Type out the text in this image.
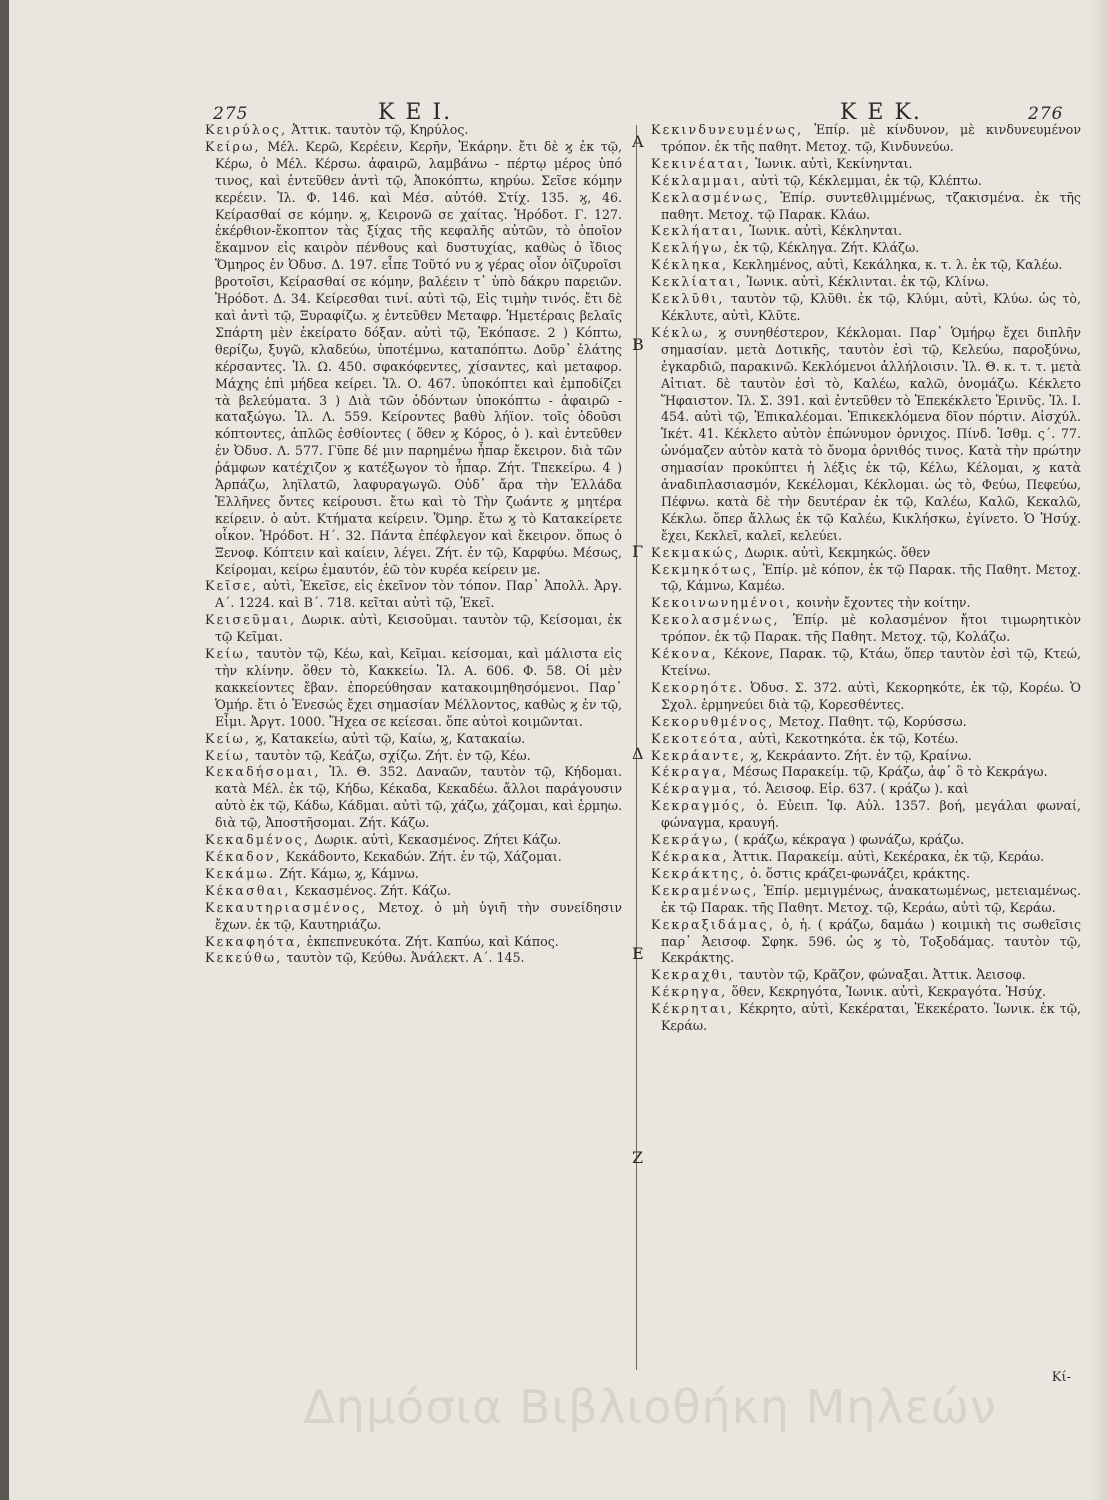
275	K E I.	K E K.	276

Κειρύλος, Ἀττικ. ταυτὸν τῷ, Κηρύλος.

Κείρω, Μέλ. Κερῶ, Κερέειν, Κερῆν, Ἐκάρην. ἔτι δὲ ϗ ἐκ τῷ, Κέρω, ὁ Μέλ. Κέρσω. ἀφαιρῶ, λαμβάνω - πέρτῳ μέρος ὑπό τινος, καὶ ἐντεῦθεν ἀντὶ τῷ, Ἀποκόπτω, κηρύω. Σεῖσε κόμην κερέειν. Ἰλ. Φ. 146. καὶ Μέσ. αὐτόθ. Στίχ. 135. ϗ, 46. Κείρασθαί σε κόμην. ϗ, Κειρονῶ σε χαίτας. Ἡρόδοτ. Γ. 127. ἐκέρθιον-ἔκοπτον τὰς ξίχας τῆς κεφαλῆς αὐτῶν, τὸ ὁποῖον ἔκαμνον εἰς καιρὸν πένθους καὶ δυστυχίας, καθὼς ὁ ἴδιος Ὅμηρος ἐν Ὀδυσ. Δ. 197. εἶπε Τοῦτό νυ ϗ γέρας οἷον ὀϊζυροῖσι βροτοῖσι, Κείρασθαί σε κόμην, βαλέειν τ᾿ ὑπὸ δάκρυ παρειῶν. Ἡρόδοτ. Δ. 34. Κείρεσθαι τινί. αὐτὶ τῷ, Εἰς τιμὴν τινός. ἔτι δὲ καὶ ἀντὶ τῷ, Ξυραφίζω. ϗ ἐντεῦθεν Μεταφρ. Ἡμετέραις βελαῖς Σπάρτη μὲν ἐκείρατο δόξαν. αὐτὶ τῷ, Ἐκόπασε. 2 ) Κόπτω, θερίζω, ξυγῶ, κλαδεύω, ὑποτέμνω, καταπόπτω. Δοῦρ᾿ ἐλάτης κέρσαντες. Ἰλ. Ω. 450. σφακόφεντες, χίσαντες, καὶ μεταφορ. Μάχης ἐπὶ μήδεα κείρει. Ἰλ. Ο. 467. ὑποκόπτει καὶ ἐμποδίζει τὰ βελεύματα. 3 ) Διὰ τῶν ὀδόντων ὑποκόπτω - ἀφαιρῶ - καταξώγω. Ἰλ. Λ. 559. Κείροντες βαθὺ λήϊον. τοῖς ὀδοῦσι κόπτοντες, ἁπλῶς ἐσθίοντες ( ὅθεν ϗ Κόρος, ὁ ). καὶ ἐντεῦθεν ἐν Ὀδυσ. Λ. 577. Γῦπε δέ μιν παρημένω ἧπαρ ἔκειρον. διὰ τῶν ῥάμφων κατέχιζον ϗ κατέξωγον τὸ ἧπαρ. Ζήτ. Τπεκείρω. 4 ) Ἁρπάζω, ληϊλατῶ, λαφυραγωγῶ. Οὐδ᾿ ἄρα τὴν Ἑλλάδα Ἑλλῆνες ὄντες κείρουσι. ἔτω καὶ τὸ Τὴν ζωάντε ϗ μητέρα κείρειν. ὁ αὐτ. Κτήματα κείρειν. Ὅμηρ. ἔτω ϗ τὸ Κατακείρετε οἶκον. Ἡρόδοτ. Η΄. 32. Πάντα ἐπέφλεγον καὶ ἔκειρον. ὅπως ὁ Ξενοφ. Κόπτειν καὶ καίειν, λέγει. Ζήτ. ἐν τῷ, Καρφύω. Μέσως, Κείρομαι, κείρω ἐμαυτόν, ἐῶ τὸν κυρέα κείρειν με.

Κεῖσε, αὐτὶ, Ἐκεῖσε, εἰς ἐκεῖνον τὸν τόπον. Παρ᾿ Ἀπολλ. Ἀργ. Α΄. 1224. καὶ Β΄. 718. κεῖται αὐτὶ τῷ, Ἐκεῖ.

Κεισεῦμαι, Δωρικ. αὐτὶ, Κεισοῦμαι. ταυτὸν τῷ, Κείσομαι, ἐκ τῷ Κεῖμαι.

Κείω, ταυτὸν τῷ, Κέω, καὶ, Κεῖμαι. κείσομαι, καὶ μάλιστα εἰς τὴν κλίνην. ὅθεν τὸ, Κακκείω. Ἰλ. Α. 606. Φ. 58. Οἱ μὲν κακκείοντες ἔβαν. ἐπορεύθησαν κατακοιμηθησόμενοι. Παρ᾿ Ὁμήρ. ἔτι ὁ Ἐνεσώς ἔχει σημασίαν Μέλλοντος, καθὼς ϗ ἐν τῷ, Εἶμι. Ἀργτ. 1000. Ἥχεα σε κείεσαι. ὅπε αὐτοὶ κοιμῶνται.

Κείω, ϗ, Κατακείω, αὐτὶ τῷ, Καίω, ϗ, Κατακαίω.

Κείω, ταυτὸν τῷ, Κεάζω, σχίζω. Ζήτ. ἐν τῷ, Κέω.

Κεκαδήσομαι, Ἰλ. Θ. 352. Δαναῶν, ταυτὸν τῷ, Κήδομαι. κατὰ Μέλ. ἐκ τῷ, Κήδω, Κέκαδα, Κεκαδέω. ἄλλοι παράγουσιν αὐτὸ ἐκ τῷ, Κάδω, Κάδμαι. αὐτὶ τῷ, χάζω, χάζομαι, καὶ ἑρμηω. διὰ τῷ, Ἀποστῆσομαι. Ζήτ. Κάζω.

Κεκαδμένος, Δωρικ. αὐτὶ, Κεκασμένος. Ζήτει Κάζω.

Κέκαδον, Κεκάδοντο, Κεκαδών. Ζήτ. ἐν τῷ, Χάζομαι.

Κεκάμω. Ζήτ. Κάμω, ϗ, Κάμνω.

Κέκασθαι, Κεκασμένος. Ζήτ. Κάζω.

Κεκαυτηριασμένος, Μετοχ. ὁ μὴ ὑγιῆ τὴν συνείδησιν ἔχων. ἐκ τῷ, Καυτηριάζω.

Κεκαφηότα, ἐκπεπνευκότα. Ζήτ. Καπύω, καὶ Κάπος.

Κεκεύθω, ταυτὸν τῷ, Κεύθω. Ἀνάλεκτ. Α΄. 145.

Κεκινδυνευμένως, Ἐπίρ. μὲ κίνδυνον, μὲ κινδυνευμένον τρόπον. ἐκ τῆς παθητ. Μετοχ. τῷ, Κινδυνεύω.

Κεκινέαται, Ἰωνικ. αὐτὶ, Κεκίνηνται.

Κέκλαμμαι, αὐτὶ τῷ, Κέκλεμμαι, ἐκ τῷ, Κλέπτω.

Κεκλασμένως, Ἐπίρ. συντεθλιμμένως, τζακισμένα. ἐκ τῆς παθητ. Μετοχ. τῷ Παρακ. Κλάω.

Κεκλήαται, Ἰωνικ. αὐτὶ, Κέκληνται.

Κεκλήγω, ἐκ τῷ, Κέκληγα. Ζήτ. Κλάζω.

Κέκληκα, Κεκλημένος, αὐτὶ, Κεκάληκα, κ. τ. λ. ἐκ τῷ, Καλέω.

Κεκλίαται, Ἰωνικ. αὐτὶ, Κέκλινται. ἐκ τῷ, Κλίνω.

Κεκλῦθι, ταυτὸν τῷ, Κλῦθι. ἐκ τῷ, Κλύμι, αὐτὶ, Κλύω. ὡς τὸ, Κέκλυτε, αὐτὶ, Κλῦτε.

Κέκλω, ϗ συνηθέστερον, Κέκλομαι. Παρ᾿ Ὁμήρῳ ἔχει διπλῆν σημασίαν. μετὰ Δοτικῆς, ταυτὸν ἐσὶ τῷ, Κελεύω, παροξύνω, ἐγκαρδιῶ, παρακινῶ. Κεκλόμενοι ἀλλήλοισιν. Ἰλ. Θ. κ. τ. τ. μετὰ Αἰτιατ. δὲ ταυτὸν ἐσὶ τὸ, Καλέω, καλῶ, ὀνομάζω. Κέκλετο Ἥφαιστον. Ἰλ. Σ. 391. καὶ ἐντεῦθεν τὸ Ἐπεκέκλετο Ἐρινῦς. Ἰλ. Ι. 454. αὐτὶ τῷ, Ἐπικαλέομαι. Ἐπικεκλόμενα δῖον πόρτιν. Αἰσχύλ. Ἱκέτ. 41. Κέκλετο αὐτὸν ἐπώνυμον ὀρνιχος. Πίνδ. Ἰσθμ. ς΄. 77. ὠνόμαζεν αὐτὸν κατὰ τὸ ὄνομα ὀρνιθός τινος. Κατὰ τὴν πρώτην σημασίαν προκύπτει ἡ λέξις ἐκ τῷ, Κέλω, Κέλομαι, ϗ κατὰ ἀναδιπλασιασμόν, Κεκέλομαι, Κέκλομαι. ὡς τὸ, Φεύω, Πεφεύω, Πέφνω. κατὰ δὲ τὴν δευτέραν ἐκ τῷ, Καλέω, Καλῶ, Κεκαλῶ, Κέκλω. ὅπερ ἄλλως ἐκ τῷ Καλέω, Κικλήσκω, ἐγίνετο. Ὁ Ἡσύχ. ἔχει, Κεκλεῖ, καλεῖ, κελεύει.

Κεκμακώς, Δωρικ. αὐτὶ, Κεκμηκώς. ὅθεν

Κεκμηκότως, Ἐπίρ. μὲ κόπον, ἐκ τῷ Παρακ. τῆς Παθητ. Μετοχ. τῷ, Κάμνω, Καμέω.

Κεκοινωνημένοι, κοινὴν ἔχοντες τὴν κοίτην.

Κεκολασμένως, Ἐπίρ. μὲ κολασμένον ἤτοι τιμωρητικὸν τρόπον. ἐκ τῷ Παρακ. τῆς Παθητ. Μετοχ. τῷ, Κολάζω.

Κέκονα, Κέκονε, Παρακ. τῷ, Κτάω, ὅπερ ταυτὸν ἐσὶ τῷ, Κτεώ, Κτείνω.

Κεκορηότε. Ὀδυσ. Σ. 372. αὐτὶ, Κεκορηκότε, ἐκ τῷ, Κορέω. Ὁ Σχολ. ἑρμηνεύει διὰ τῷ, Κορεσθέντες.

Κεκορυθμένος, Μετοχ. Παθητ. τῷ, Κορύσσω.

Κεκοτεότα, αὐτὶ, Κεκοτηκότα. ἐκ τῷ, Κοτέω.

Κεκράαντε, ϗ, Κεκράαντο. Ζήτ. ἐν τῷ, Κραίνω.

Κέκραγα, Μέσως Παρακείμ. τῷ, Κράζω, ἀφ᾿ ὃ τὸ Κεκράγω.

Κέκραγμα, τό. Ἀεισοφ. Εἰρ. 637. ( κράζω ). καὶ

Κεκραγμός, ὁ. Εὐειπ. Ἰφ. Αὐλ. 1357. βοή, μεγάλαι φωναί, φώναγμα, κραυγή.

Κεκράγω, ( κράζω, κέκραγα ) φωνάζω, κράζω.

Κέκρακα, Ἀττικ. Παρακείμ. αὐτὶ, Κεκέρακα, ἐκ τῷ, Κεράω.

Κεκράκτης, ὁ. ὅστις κράζει-φωνάζει, κράκτης.

Κεκραμένως, Ἐπίρ. μεμιγμένως, ἀνακατωμένως, μετειαμένως. ἐκ τῷ Παρακ. τῆς Παθητ. Μετοχ. τῷ, Κεράω, αὐτὶ τῷ, Κεράω.

Κεκραξιδάμας, ὁ, ἡ. ( κράζω, δαμάω ) κοιμικὴ τις σωθεῖσις παρ᾿ Ἀεισοφ. Σφηκ. 596. ὡς ϗ τὸ, Τοξοδάμας. ταυτὸν τῷ, Κεκράκτης.

Κεκραχθι, ταυτὸν τῷ, Κρᾶζον, φώναξαι. Ἀττικ. Ἀεισοφ.

Κέκρηγα, ὅθεν, Κεκρηγότα, Ἰωνικ. αὐτὶ, Κεκραγότα. Ἡσύχ.

Κέκρηται, Κέκρητο, αὐτὶ, Κεκέραται, Ἐκεκέρατο. Ἰωνικ. ἐκ τῷ, Κεράω.

A
B
Γ
Δ
E
Z
Κί-
Δημόσια Βιβλιοθήκη Μηλεών
